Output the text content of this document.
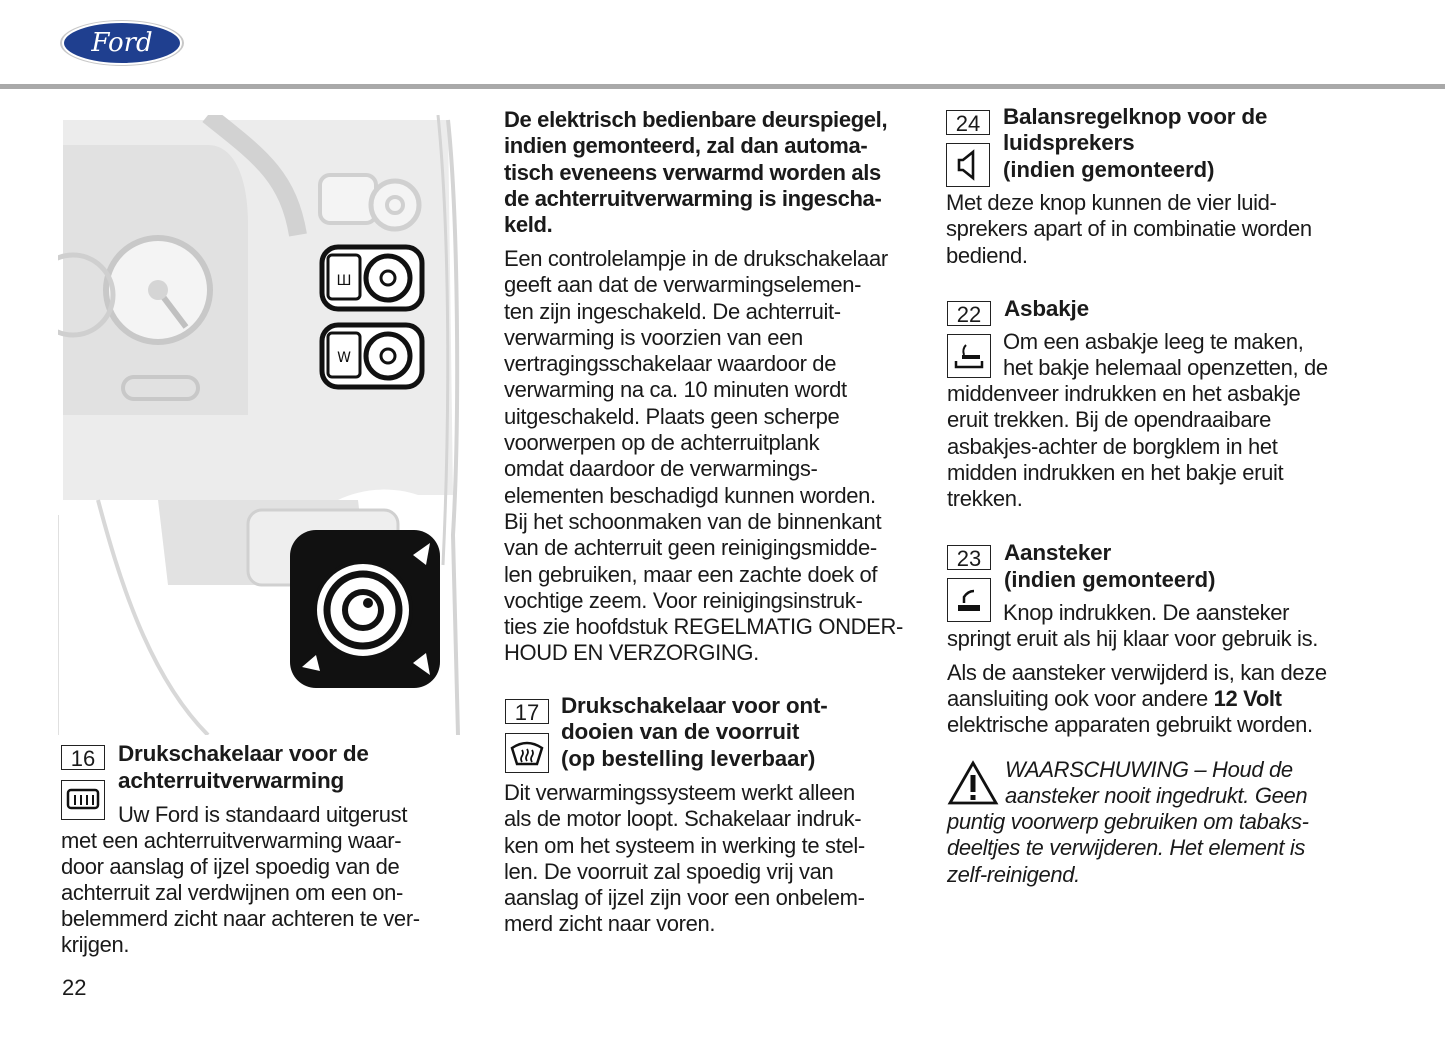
Ford
Ш
W
16	Drukschakelaar voor de achterruitverwarming
Uw Ford is standaard uitgerust
met een achterruitverwarming waar-
door aanslag of ijzel spoedig van de
achterruit zal verdwijnen om een on-
belemmerd zicht naar achteren te ver-
krijgen.

De elektrisch bedienbare deurspiegel,

indien gemonteerd, zal dan automa-

tisch eveneens verwarmd worden als

de achterruitverwarming is ingescha-

keld.

Een controlelampje in de drukschakelaar

geeft aan dat de verwarmingselemen-

ten zijn ingeschakeld. De achterruit-

verwarming is voorzien van een

vertragingsschakelaar waardoor de

verwarming na ca. 10 minuten wordt

uitgeschakeld. Plaats geen scherpe

voorwerpen op de achterruitplank

omdat daardoor de verwarmings-

elementen beschadigd kunnen worden.

Bij het schoonmaken van de binnenkant

van de achterruit geen reinigingsmidde-

len gebruiken, maar een zachte doek of

vochtige zeem. Voor reinigingsinstruk-

ties zie hoofdstuk REGELMATIG ONDER-

HOUD EN VERZORGING.

17 Drukschakelaar voor ont-
dooien van de voorruit
(op bestelling leverbaar)

Dit verwarmingssysteem werkt alleen

als de motor loopt. Schakelaar indruk-

ken om het systeem in werking te stel-

len. De voorruit zal spoedig vrij van

aanslag of ijzel zijn voor een onbelem-

merd zicht naar voren.

24	Balansregelknop voor de
luidsprekers
(indien gemonteerd)

Met deze knop kunnen de vier luid-

sprekers apart of in combinatie worden

bediend.

22	Asbakje
Om een asbakje leeg te maken,
het bakje helemaal openzetten, de

middenveer indrukken en het asbakje

eruit trekken. Bij de opendraaibare

asbakjes-achter de borgklem in het

midden indrukken en het bakje eruit

trekken.

23	Aansteker
(indien gemonteerd)
Knop indrukken. De aansteker
springt eruit als hij klaar voor gebruik is.
Als de aansteker verwijderd is, kan deze
aansluiting ook voor andere 12 Volt
elektrische apparaten gebruikt worden.
WAARSCHUWING – Houd de
aansteker nooit ingedrukt. Geen

puntig voorwerp gebruiken om tabaks-

deeltjes te verwijderen. Het element is

zelf-reinigend.

22
